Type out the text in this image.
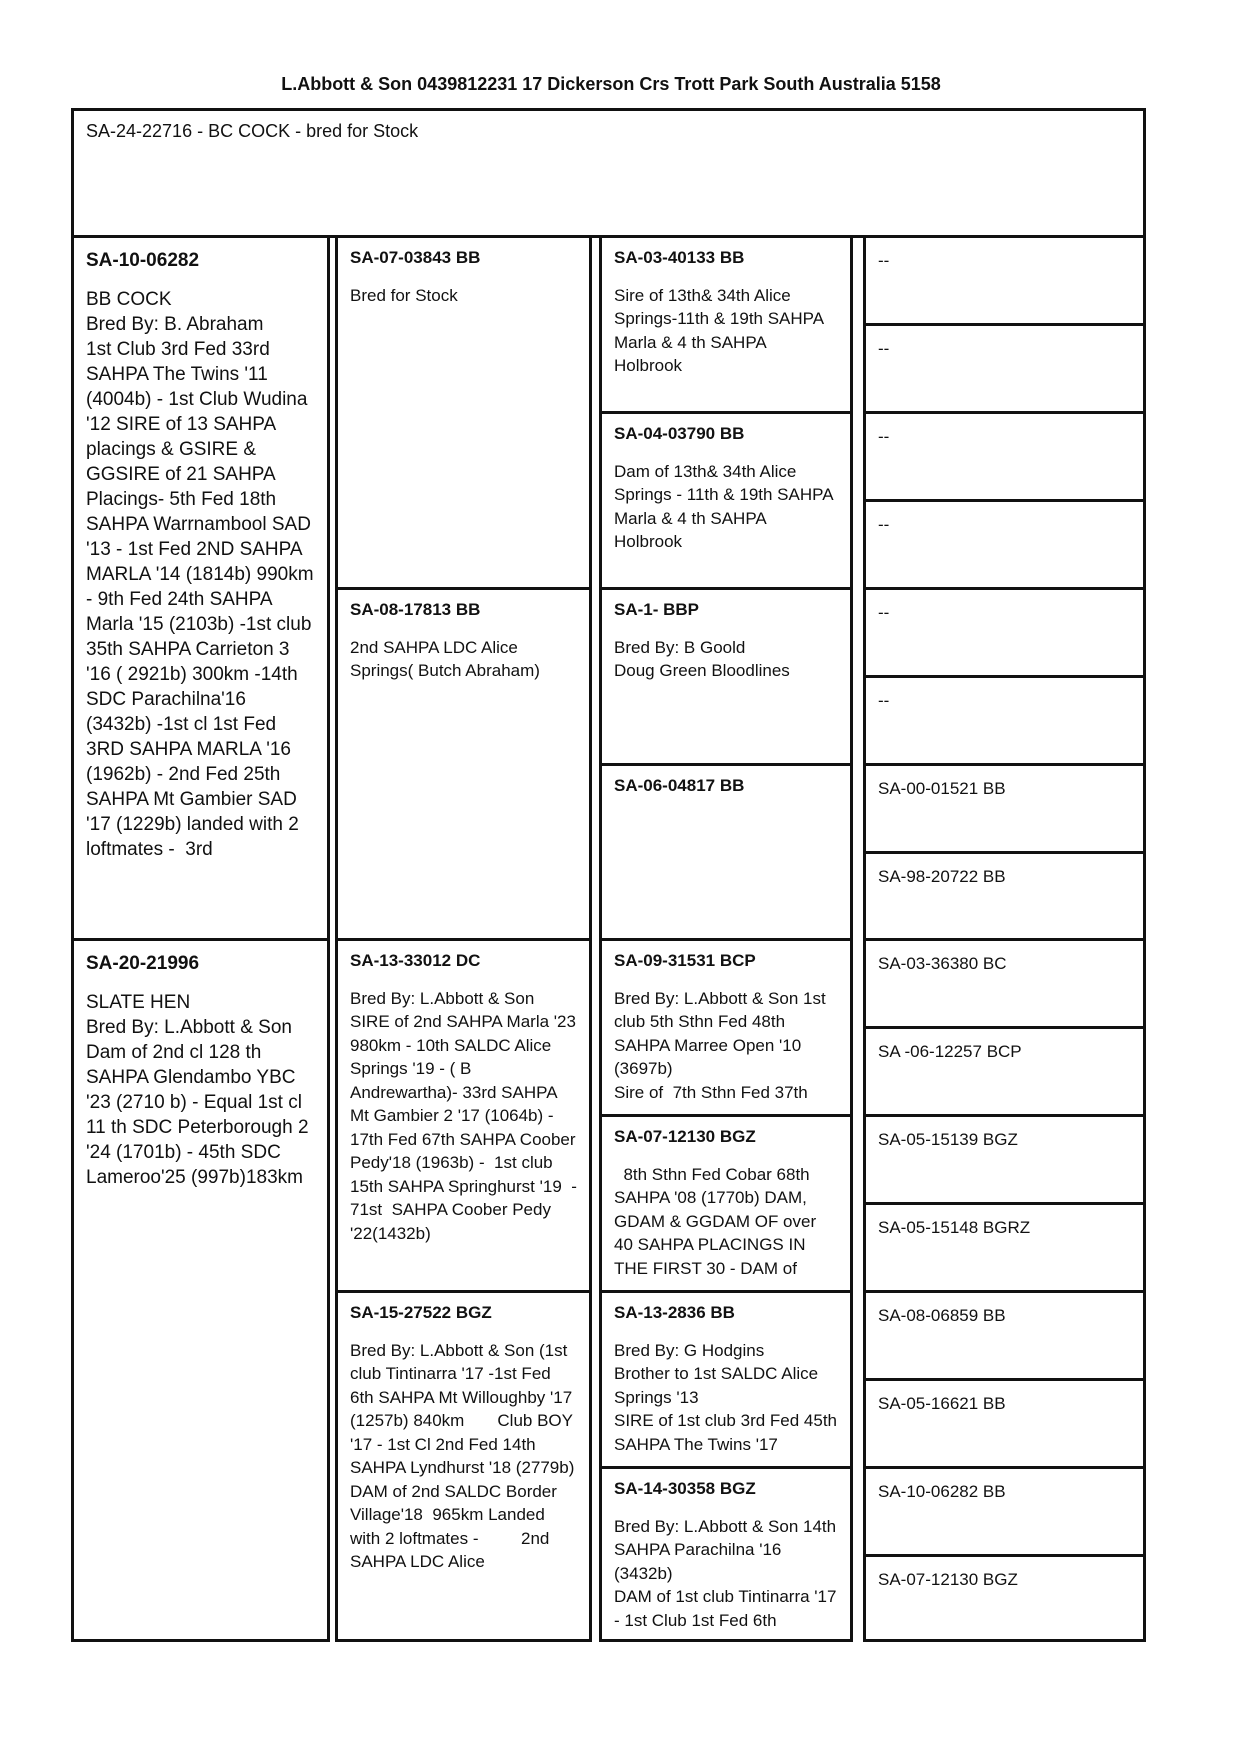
L.Abbott & Son 0439812231 17 Dickerson Crs Trott Park South Australia 5158
SA-24-22716 - BC COCK - bred for Stock
SA-10-06282
BB COCK
Bred By: B. Abraham
1st Club 3rd Fed 33rd SAHPA The Twins '11 (4004b) - 1st Club Wudina '12 SIRE of 13 SAHPA placings & GSIRE & GGSIRE of 21 SAHPA Placings- 5th Fed 18th SAHPA Warrnambool SAD '13 - 1st Fed 2ND SAHPA MARLA '14 (1814b) 990km - 9th Fed 24th SAHPA Marla '15 (2103b) -1st club 35th SAHPA Carrieton 3 '16 ( 2921b) 300km -14th SDC Parachilna'16 (3432b) -1st cl 1st Fed 3RD SAHPA MARLA '16 (1962b) - 2nd Fed 25th SAHPA Mt Gambier SAD '17 (1229b) landed with 2 loftmates -  3rd
SA-20-21996
SLATE HEN
Bred By: L.Abbott & Son Dam of 2nd cl 128 th SAHPA Glendambo YBC '23 (2710 b) - Equal 1st cl 11 th SDC Peterborough 2 '24 (1701b) - 45th SDC Lameroo'25 (997b)183km
SA-07-03843 BB
Bred for Stock
SA-08-17813 BB
2nd SAHPA LDC Alice Springs( Butch Abraham)
SA-13-33012 DC
Bred By: L.Abbott & Son SIRE of 2nd SAHPA Marla '23 980km - 10th SALDC Alice Springs '19 - ( B Andrewartha)- 33rd SAHPA Mt Gambier 2 '17 (1064b) - 17th Fed 67th SAHPA Coober Pedy'18 (1963b) -  1st club 15th SAHPA Springhurst '19  - 71st  SAHPA Coober Pedy '22(1432b)
SA-15-27522 BGZ
Bred By: L.Abbott & Son (1st club Tintinarra '17 -1st Fed 6th SAHPA Mt Willoughby '17 (1257b) 840km       Club BOY '17 - 1st Cl 2nd Fed 14th SAHPA Lyndhurst '18 (2779b)
DAM of 2nd SALDC Border Village'18  965km Landed with 2 loftmates -         2nd SAHPA LDC Alice
SA-03-40133 BB
Sire of 13th& 34th Alice Springs-11th & 19th SAHPA Marla & 4 th SAHPA Holbrook
SA-04-03790 BB
Dam of 13th& 34th Alice Springs - 11th & 19th SAHPA Marla & 4 th SAHPA Holbrook
SA-1- BBP
Bred By: B Goold
Doug Green Bloodlines
SA-06-04817 BB
SA-09-31531 BCP
Bred By: L.Abbott & Son 1st club 5th Sthn Fed 48th SAHPA Marree Open '10 (3697b)
Sire of  7th Sthn Fed 37th
SA-07-12130 BGZ
8th Sthn Fed Cobar 68th SAHPA '08 (1770b) DAM, GDAM & GGDAM OF over 40 SAHPA PLACINGS IN THE FIRST 30 - DAM of
SA-13-2836 BB
Bred By: G Hodgins
Brother to 1st SALDC Alice Springs '13
SIRE of 1st club 3rd Fed 45th SAHPA The Twins '17
SA-14-30358 BGZ
Bred By: L.Abbott & Son 14th SAHPA Parachilna '16 (3432b)
DAM of 1st club Tintinarra '17 - 1st Club 1st Fed 6th
--
--
--
--
--
--
SA-00-01521 BB
SA-98-20722 BB
SA-03-36380 BC
SA -06-12257 BCP
SA-05-15139 BGZ
SA-05-15148 BGRZ
SA-08-06859 BB
SA-05-16621 BB
SA-10-06282 BB
SA-07-12130 BGZ
